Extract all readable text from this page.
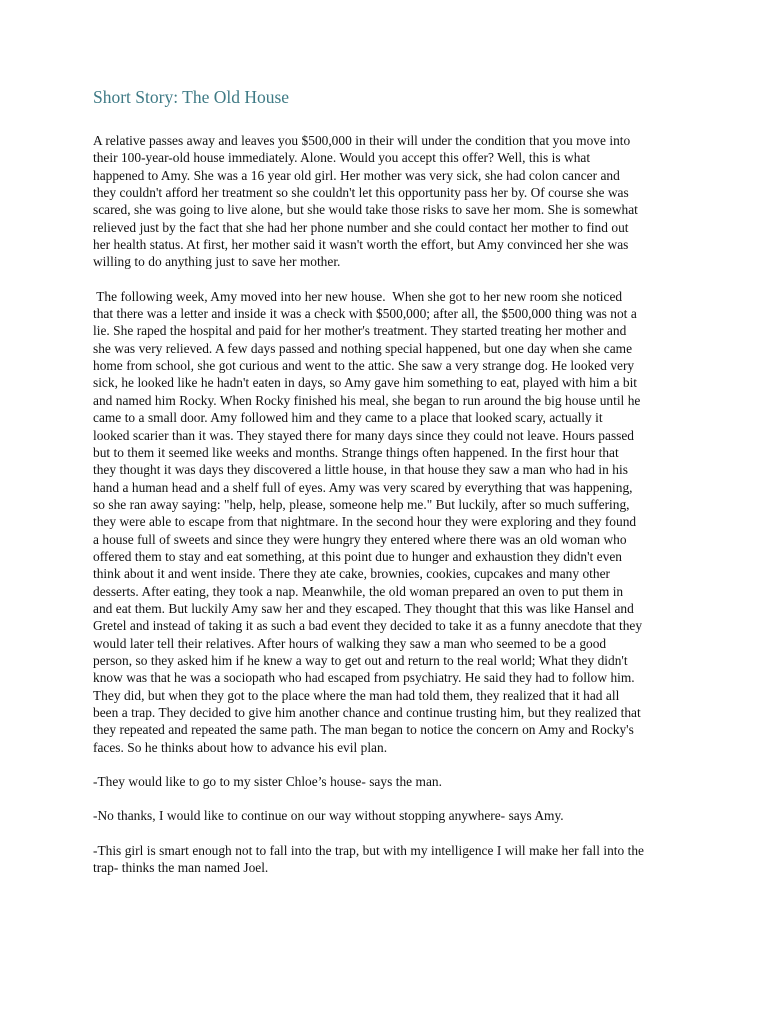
Short Story: The Old House

A relative passes away and leaves you $500,000 in their will under the condition that you move into
their 100-year-old house immediately. Alone. Would you accept this offer? Well, this is what
happened to Amy. She was a 16 year old girl. Her mother was very sick, she had colon cancer and
they couldn't afford her treatment so she couldn't let this opportunity pass her by. Of course she was
scared, she was going to live alone, but she would take those risks to save her mom. She is somewhat
relieved just by the fact that she had her phone number and she could contact her mother to find out
her health status. At first, her mother said it wasn't worth the effort, but Amy convinced her she was
willing to do anything just to save her mother.

The following week, Amy moved into her new house.  When she got to her new room she noticed
that there was a letter and inside it was a check with $500,000; after all, the $500,000 thing was not a
lie. She raped the hospital and paid for her mother's treatment. They started treating her mother and
she was very relieved. A few days passed and nothing special happened, but one day when she came
home from school, she got curious and went to the attic. She saw a very strange dog. He looked very
sick, he looked like he hadn't eaten in days, so Amy gave him something to eat, played with him a bit
and named him Rocky. When Rocky finished his meal, she began to run around the big house until he
came to a small door. Amy followed him and they came to a place that looked scary, actually it
looked scarier than it was. They stayed there for many days since they could not leave. Hours passed
but to them it seemed like weeks and months. Strange things often happened. In the first hour that
they thought it was days they discovered a little house, in that house they saw a man who had in his
hand a human head and a shelf full of eyes. Amy was very scared by everything that was happening,
so she ran away saying: "help, help, please, someone help me." But luckily, after so much suffering,
they were able to escape from that nightmare. In the second hour they were exploring and they found
a house full of sweets and since they were hungry they entered where there was an old woman who
offered them to stay and eat something, at this point due to hunger and exhaustion they didn't even
think about it and went inside. There they ate cake, brownies, cookies, cupcakes and many other
desserts. After eating, they took a nap. Meanwhile, the old woman prepared an oven to put them in
and eat them. But luckily Amy saw her and they escaped. They thought that this was like Hansel and
Gretel and instead of taking it as such a bad event they decided to take it as a funny anecdote that they
would later tell their relatives. After hours of walking they saw a man who seemed to be a good
person, so they asked him if he knew a way to get out and return to the real world; What they didn't
know was that he was a sociopath who had escaped from psychiatry. He said they had to follow him.
They did, but when they got to the place where the man had told them, they realized that it had all
been a trap. They decided to give him another chance and continue trusting him, but they realized that
they repeated and repeated the same path. The man began to notice the concern on Amy and Rocky's
faces. So he thinks about how to advance his evil plan.

-They would like to go to my sister Chloe’s house- says the man.

-No thanks, I would like to continue on our way without stopping anywhere- says Amy.

-This girl is smart enough not to fall into the trap, but with my intelligence I will make her fall into the
trap- thinks the man named Joel.
